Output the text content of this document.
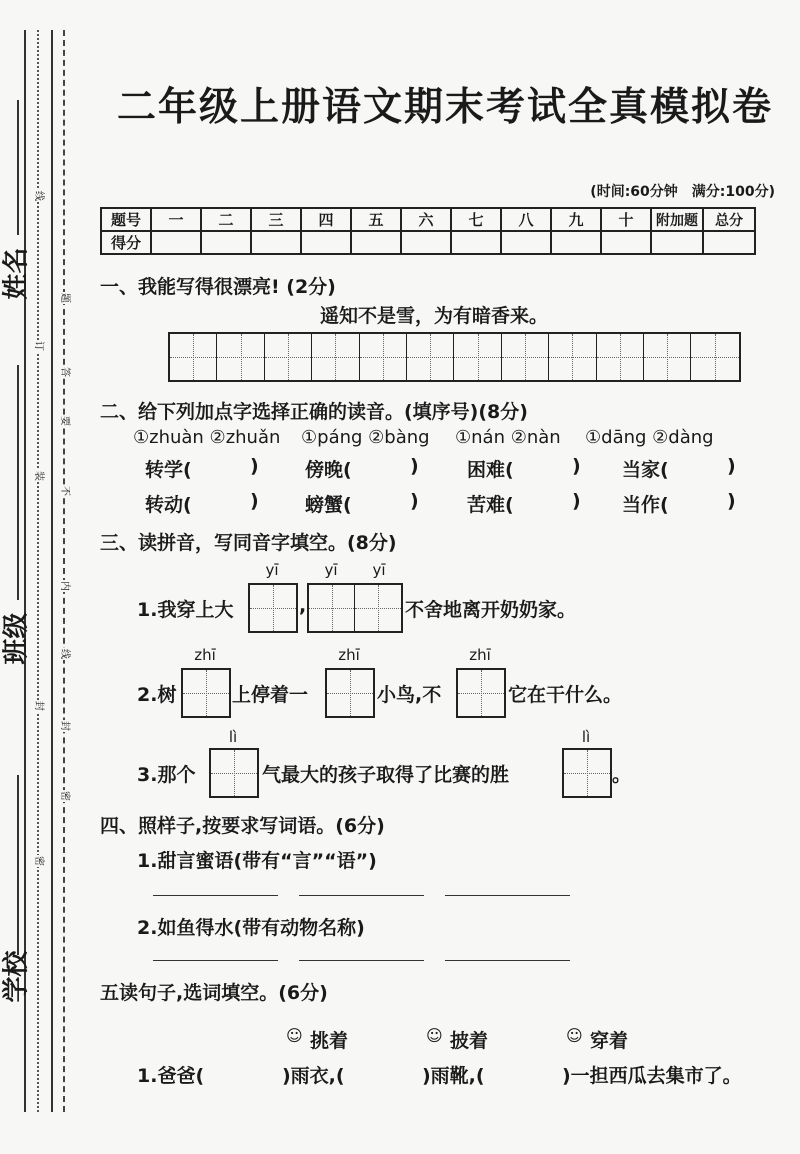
姓名
班级
学校
线
订
装
封
密
题
答
要
不
内
线
封
密
二年级上册语文期末考试全真模拟卷
(时间:60分钟　满分:100分)
题号	一	二	三	四	五	六	七	八	九	十	附加题	总分
得分												
一、我能写得很漂亮! (2分)
遥知不是雪，为有暗香来。
二、给下列加点字选择正确的读音。(填序号)(8分)
①zhuàn ②zhuǎn ①páng ②bàng ①nán ②nàn ①dāng ②dàng
转学(	) 傍晚(	)	困难(	) 当家(	)
转动(	) 螃蟹(	)	苦难(	) 当作(	)
三、读拼音，写同音字填空。(8分)
yī	yī	yī
1.我穿上大	,	不舍地离开奶奶家。
zhī	zhī	zhī
2.树	上停着一	小鸟,不	它在干什么。
lì	lì
3.那个	气最大的孩子取得了比赛的胜	。
四、照样子,按要求写词语。(6分)
1.甜言蜜语(带有“言”“语”)
2.如鱼得水(带有动物名称)
五读句子,选词填空。(6分)
☺ 挑着	☺ 披着	☺ 穿着
1.爸爸(	)雨衣,(	)雨靴,(	)一担西瓜去集市了。
